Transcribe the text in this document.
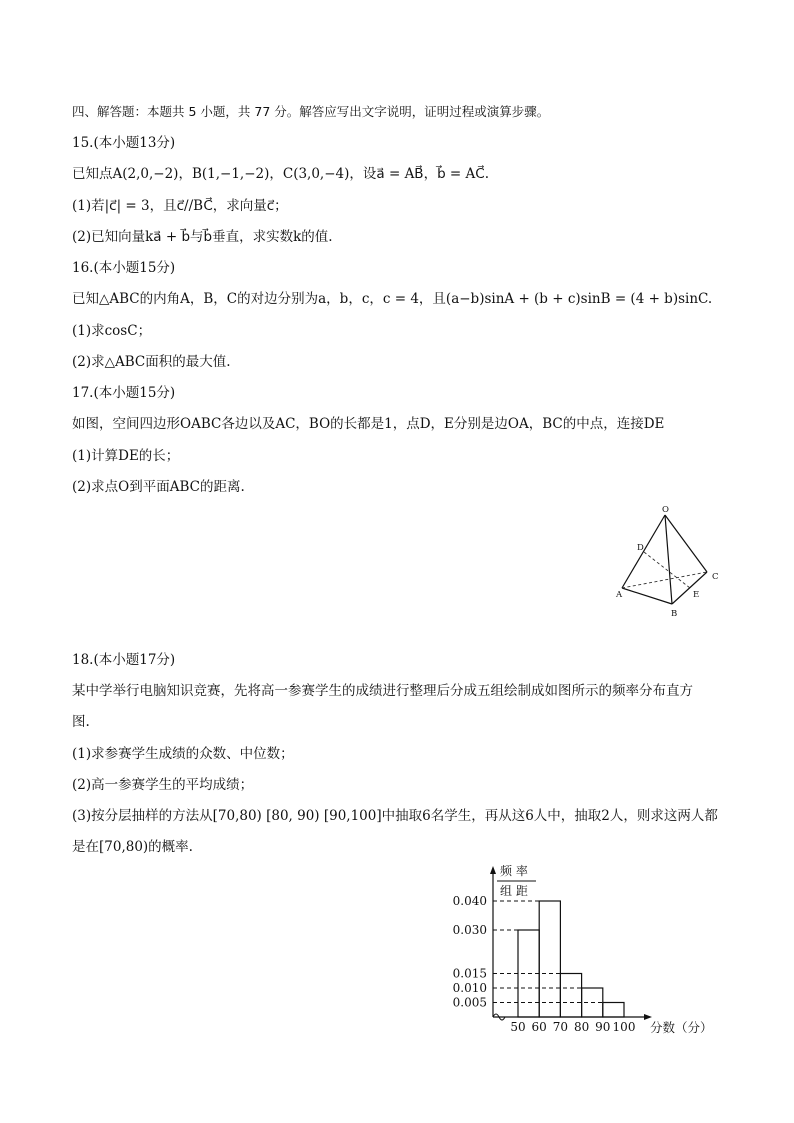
四、解答题：本题共 5 小题，共 77 分。解答应写出文字说明，证明过程或演算步骤。
15.(本小题13分)
已知点A(2,0,−2)，B(1,−1,−2)，C(3,0,−4)，设a⃗ = AB⃗，b⃗ = AC⃗.
(1)若|c⃗| = 3，且c⃗//BC⃗，求向量c⃗；
(2)已知向量ka⃗ + b⃗与b⃗垂直，求实数k的值.
16.(本小题15分)
已知△ABC的内角A，B，C的对边分别为a，b，c，c = 4，且(a−b)sinA + (b + c)sinB = (4 + b)sinC.
(1)求cosC；
(2)求△ABC面积的最大值.
17.(本小题15分)
如图，空间四边形OABC各边以及AC，BO的长都是1，点D，E分别是边OA，BC的中点，连接DE
(1)计算DE的长；
(2)求点O到平面ABC的距离.
O
D
A
B
C
E
18.(本小题17分)
某中学举行电脑知识竞赛，先将高一参赛学生的成绩进行整理后分成五组绘制成如图所示的频率分布直方
图.
(1)求参赛学生成绩的众数、中位数；
(2)高一参赛学生的平均成绩；
(3)按分层抽样的方法从[70,80) [80, 90) [90,100]中抽取6名学生，再从这6人中，抽取2人，则求这两人都
是在[70,80)的概率.
频 率
组 距
分数（分）
0.040
0.030
0.015
0.010
0.005
50 60 70 80 90 100
